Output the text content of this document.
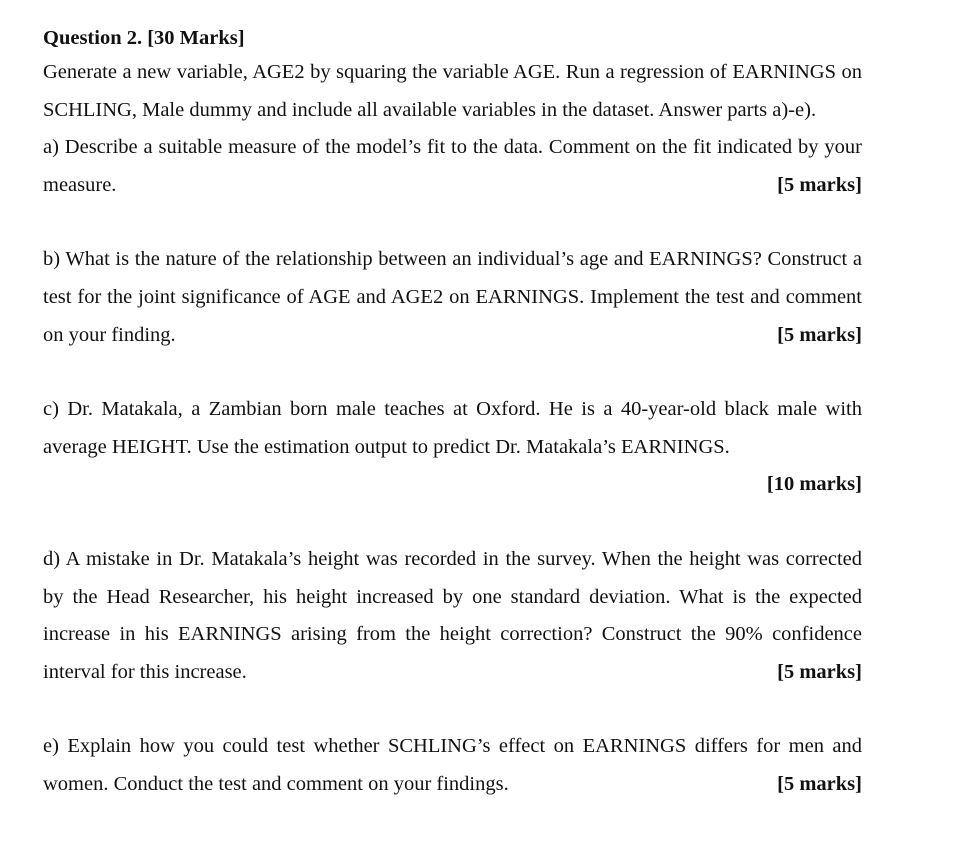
Question 2. [30 Marks]

Generate a new variable, AGE2 by squaring the variable AGE. Run a regression of EARNINGS on SCHLING, Male dummy and include all available variables in the dataset. Answer parts a)-e).

a) Describe a suitable measure of the model’s fit to the data. Comment on the fit indicated by your measure.	[5 marks]

b) What is the nature of the relationship between an individual’s age and EARNINGS? Construct a test for the joint significance of AGE and AGE2 on EARNINGS. Implement the test and comment on your finding.	[5 marks]

c) Dr. Matakala, a Zambian born male teaches at Oxford. He is a 40-year-old black male with average HEIGHT. Use the estimation output to predict Dr. Matakala’s EARNINGS.

[10 marks]

d) A mistake in Dr. Matakala’s height was recorded in the survey. When the height was corrected by the Head Researcher, his height increased by one standard deviation. What is the expected increase in his EARNINGS arising from the height correction? Construct the 90% confidence interval for this increase.	[5 marks]

e) Explain how you could test whether SCHLING’s effect on EARNINGS differs for men and women. Conduct the test and comment on your findings.	[5 marks]
